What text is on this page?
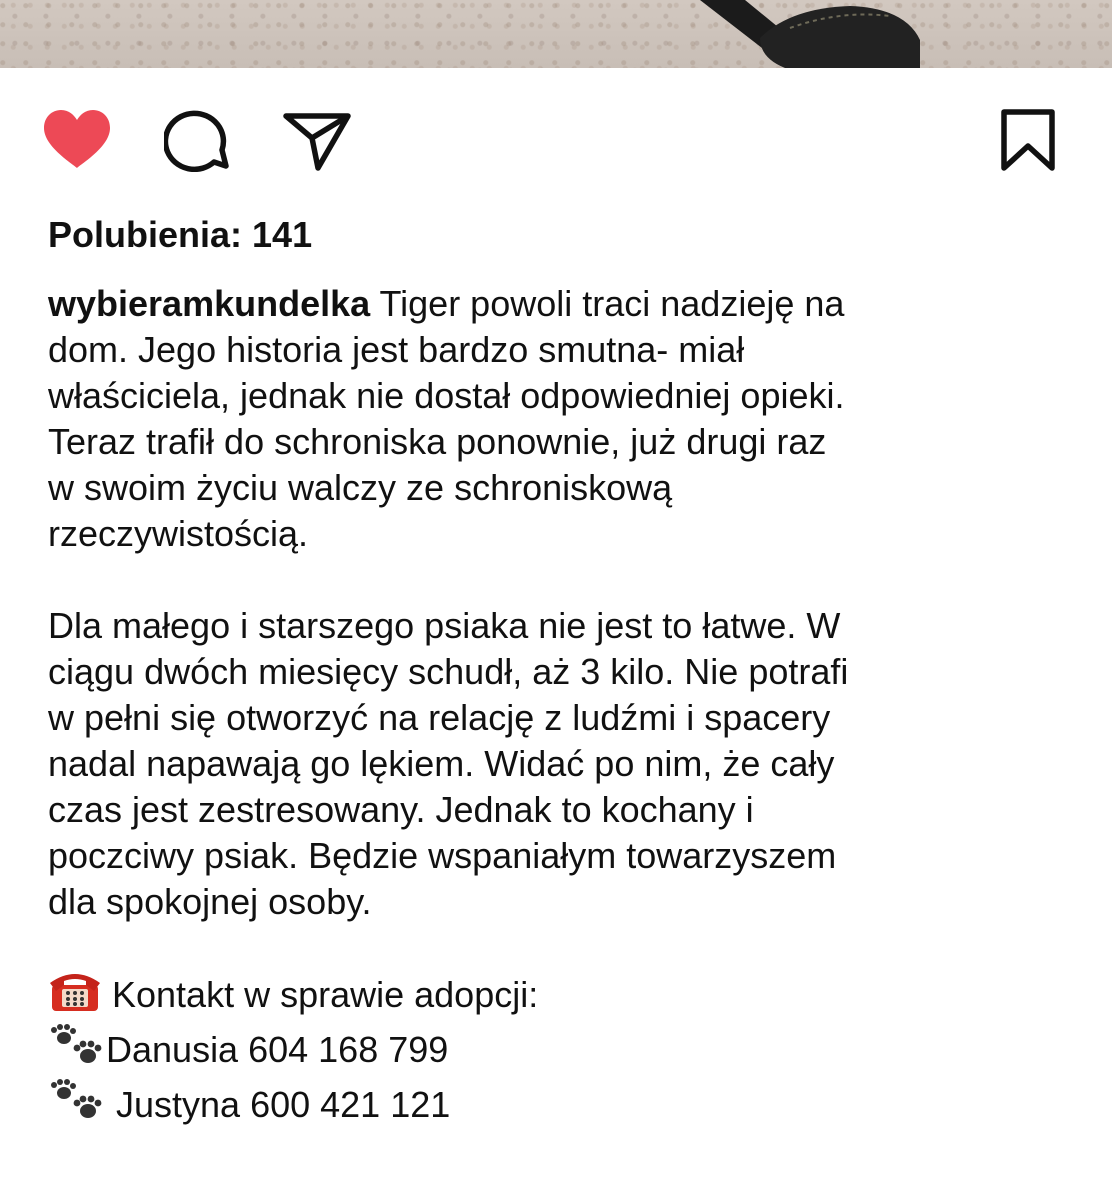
Polubienia: 141
wybieramkundelka Tiger powoli traci nadzieję na
dom. Jego historia jest bardzo smutna- miał
właściciela, jednak nie dostał odpowiedniej opieki.
Teraz trafił do schroniska ponownie, już drugi raz
w swoim życiu walczy ze schroniskową
rzeczywistością.
Dla małego i starszego psiaka nie jest to łatwe. W
ciągu dwóch miesięcy schudł, aż 3 kilo. Nie potrafi
w pełni się otworzyć na relację z ludźmi i spacery
nadal napawają go lękiem. Widać po nim, że cały
czas jest zestresowany. Jednak to kochany i
poczciwy psiak. Będzie wspaniałym towarzyszem
dla spokojnej osoby.
Kontakt w sprawie adopcji:
Danusia 604 168 799
Justyna 600 421 121
